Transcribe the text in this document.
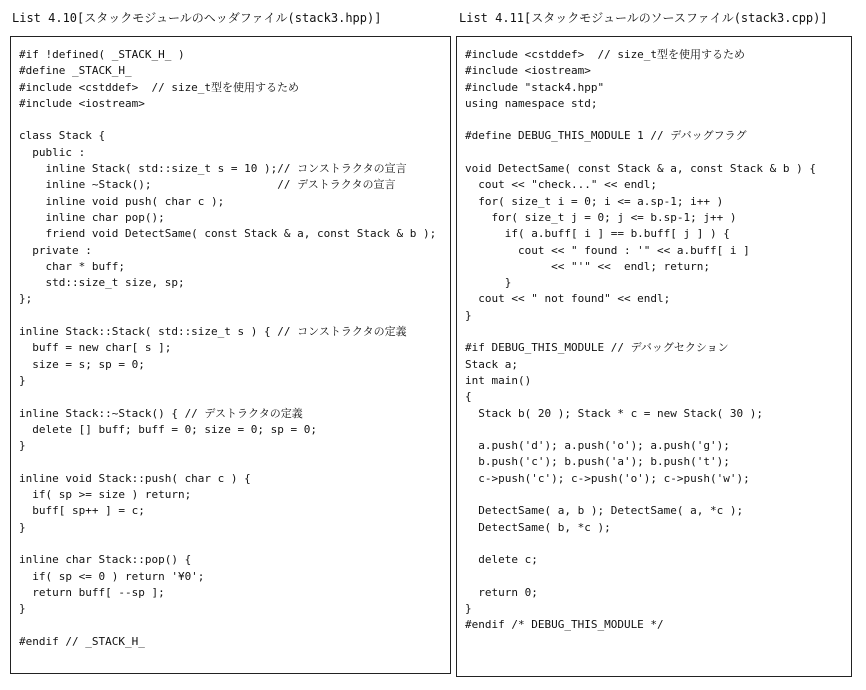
List 4.10[スタックモジュールのヘッダファイル(stack3.hpp)]	List 4.11[スタックモジュールのソースファイル(stack3.cpp)]
#if !defined( _STACK_H_ )
#define _STACK_H_
#include <cstddef>  // size_t型を使用するため
#include <iostream>

class Stack {
public :
inline Stack( std::size_t s = 10 );// コンストラクタの宣言
inline ~Stack();                   // デストラクタの宣言
inline void push( char c );
inline char pop();
friend void DetectSame( const Stack & a, const Stack & b );
private :
char * buff;
std::size_t size, sp;
};

inline Stack::Stack( std::size_t s ) { // コンストラクタの定義
buff = new char[ s ];
size = s; sp = 0;
}

inline Stack::~Stack() { // デストラクタの定義
delete [] buff; buff = 0; size = 0; sp = 0;
}

inline void Stack::push( char c ) {
if( sp >= size ) return;
buff[ sp++ ] = c;
}

inline char Stack::pop() {
if( sp <= 0 ) return '¥0';
return buff[ --sp ];
}

#endif // _STACK_H_
#include <cstddef>  // size_t型を使用するため
#include <iostream>
#include "stack4.hpp"
using namespace std;

#define DEBUG_THIS_MODULE 1 // デバッグフラグ

void DetectSame( const Stack & a, const Stack & b ) {
cout << "check..." << endl;
for( size_t i = 0; i <= a.sp-1; i++ )
for( size_t j = 0; j <= b.sp-1; j++ )
if( a.buff[ i ] == b.buff[ j ] ) {
cout << " found : '" << a.buff[ i ]
<< "'" <<  endl; return;
}
cout << " not found" << endl;
}

#if DEBUG_THIS_MODULE // デバッグセクション
Stack a;
int main()
{
Stack b( 20 ); Stack * c = new Stack( 30 );

a.push('d'); a.push('o'); a.push('g');
b.push('c'); b.push('a'); b.push('t');
c->push('c'); c->push('o'); c->push('w');

DetectSame( a, b ); DetectSame( a, *c );
DetectSame( b, *c );

delete c;

return 0;
}
#endif /* DEBUG_THIS_MODULE */
